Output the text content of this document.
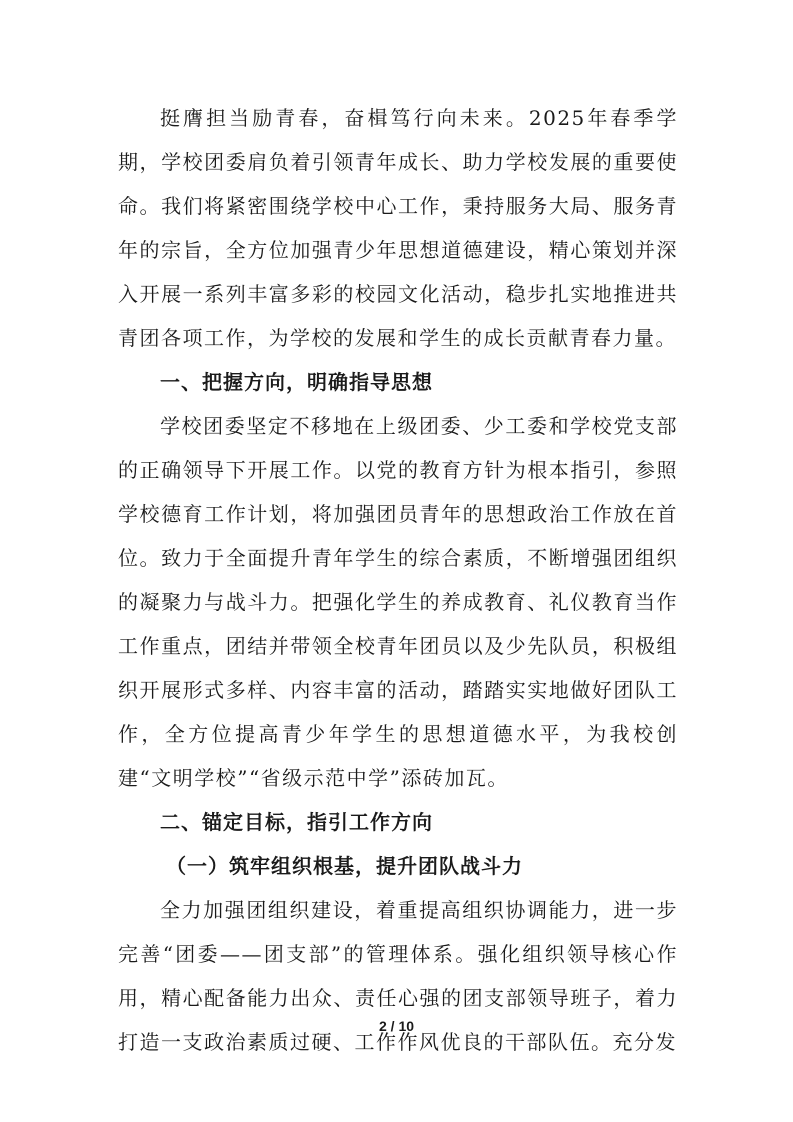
挺膺担当励青春，奋楫笃行向未来。2025年春季学期，学校团委肩负着引领青年成长、助力学校发展的重要使命。我们将紧密围绕学校中心工作，秉持服务大局、服务青年的宗旨，全方位加强青少年思想道德建设，精心策划并深入开展一系列丰富多彩的校园文化活动，稳步扎实地推进共青团各项工作，为学校的发展和学生的成长贡献青春力量。

一、把握方向，明确指导思想

学校团委坚定不移地在上级团委、少工委和学校党支部的正确领导下开展工作。以党的教育方针为根本指引，参照学校德育工作计划，将加强团员青年的思想政治工作放在首位。致力于全面提升青年学生的综合素质，不断增强团组织的凝聚力与战斗力。把强化学生的养成教育、礼仪教育当作工作重点，团结并带领全校青年团员以及少先队员，积极组织开展形式多样、内容丰富的活动，踏踏实实地做好团队工作，全方位提高青少年学生的思想道德水平，为我校创建“文明学校”“省级示范中学”添砖加瓦。

二、锚定目标，指引工作方向

（一）筑牢组织根基，提升团队战斗力

全力加强团组织建设，着重提高组织协调能力，进一步完善“团委——团支部”的管理体系。强化组织领导核心作用，精心配备能力出众、责任心强的团支部领导班子，着力打造一支政治素质过硬、工作作风优良的干部队伍。充分发

2 / 10
